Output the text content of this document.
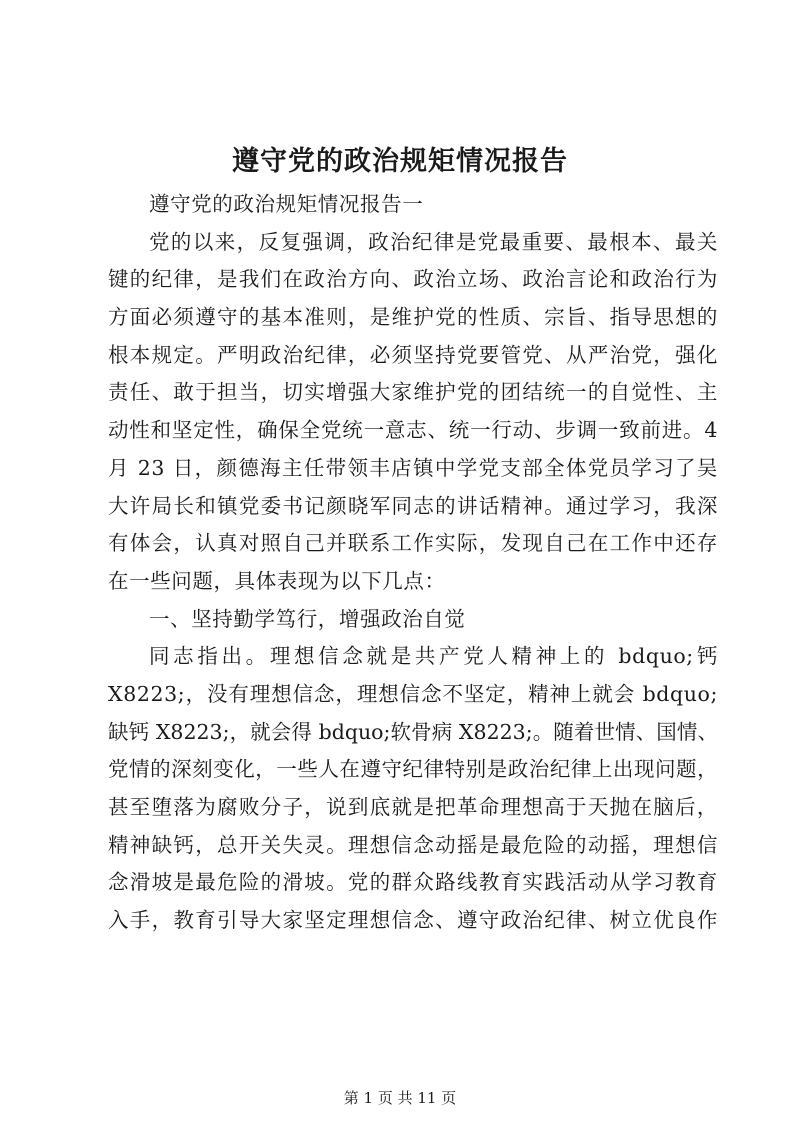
遵守党的政治规矩情况报告
遵守党的政治规矩情况报告一
党的以来，反复强调，政治纪律是党最重要、最根本、最关
键的纪律，是我们在政治方向、政治立场、政治言论和政治行为
方面必须遵守的基本准则，是维护党的性质、宗旨、指导思想的
根本规定。严明政治纪律，必须坚持党要管党、从严治党，强化
责任、敢于担当，切实增强大家维护党的团结统一的自觉性、主
动性和坚定性，确保全党统一意志、统一行动、步调一致前进。4
月 23 日，颜德海主任带领丰店镇中学党支部全体党员学习了吴
大许局长和镇党委书记颜晓军同志的讲话精神。通过学习，我深
有体会，认真对照自己并联系工作实际，发现自己在工作中还存
在一些问题，具体表现为以下几点：
一、坚持勤学笃行，增强政治自觉
同志指出。理想信念就是共产党人精神上的 bdquo;钙
X8223;，没有理想信念，理想信念不坚定，精神上就会 bdquo;
缺钙 X8223;，就会得 bdquo;软骨病 X8223;。随着世情、国情、
党情的深刻变化，一些人在遵守纪律特别是政治纪律上出现问题，
甚至堕落为腐败分子，说到底就是把革命理想高于天抛在脑后，
精神缺钙，总开关失灵。理想信念动摇是最危险的动摇，理想信
念滑坡是最危险的滑坡。党的群众路线教育实践活动从学习教育
入手，教育引导大家坚定理想信念、遵守政治纪律、树立优良作
第 1 页 共 11 页
